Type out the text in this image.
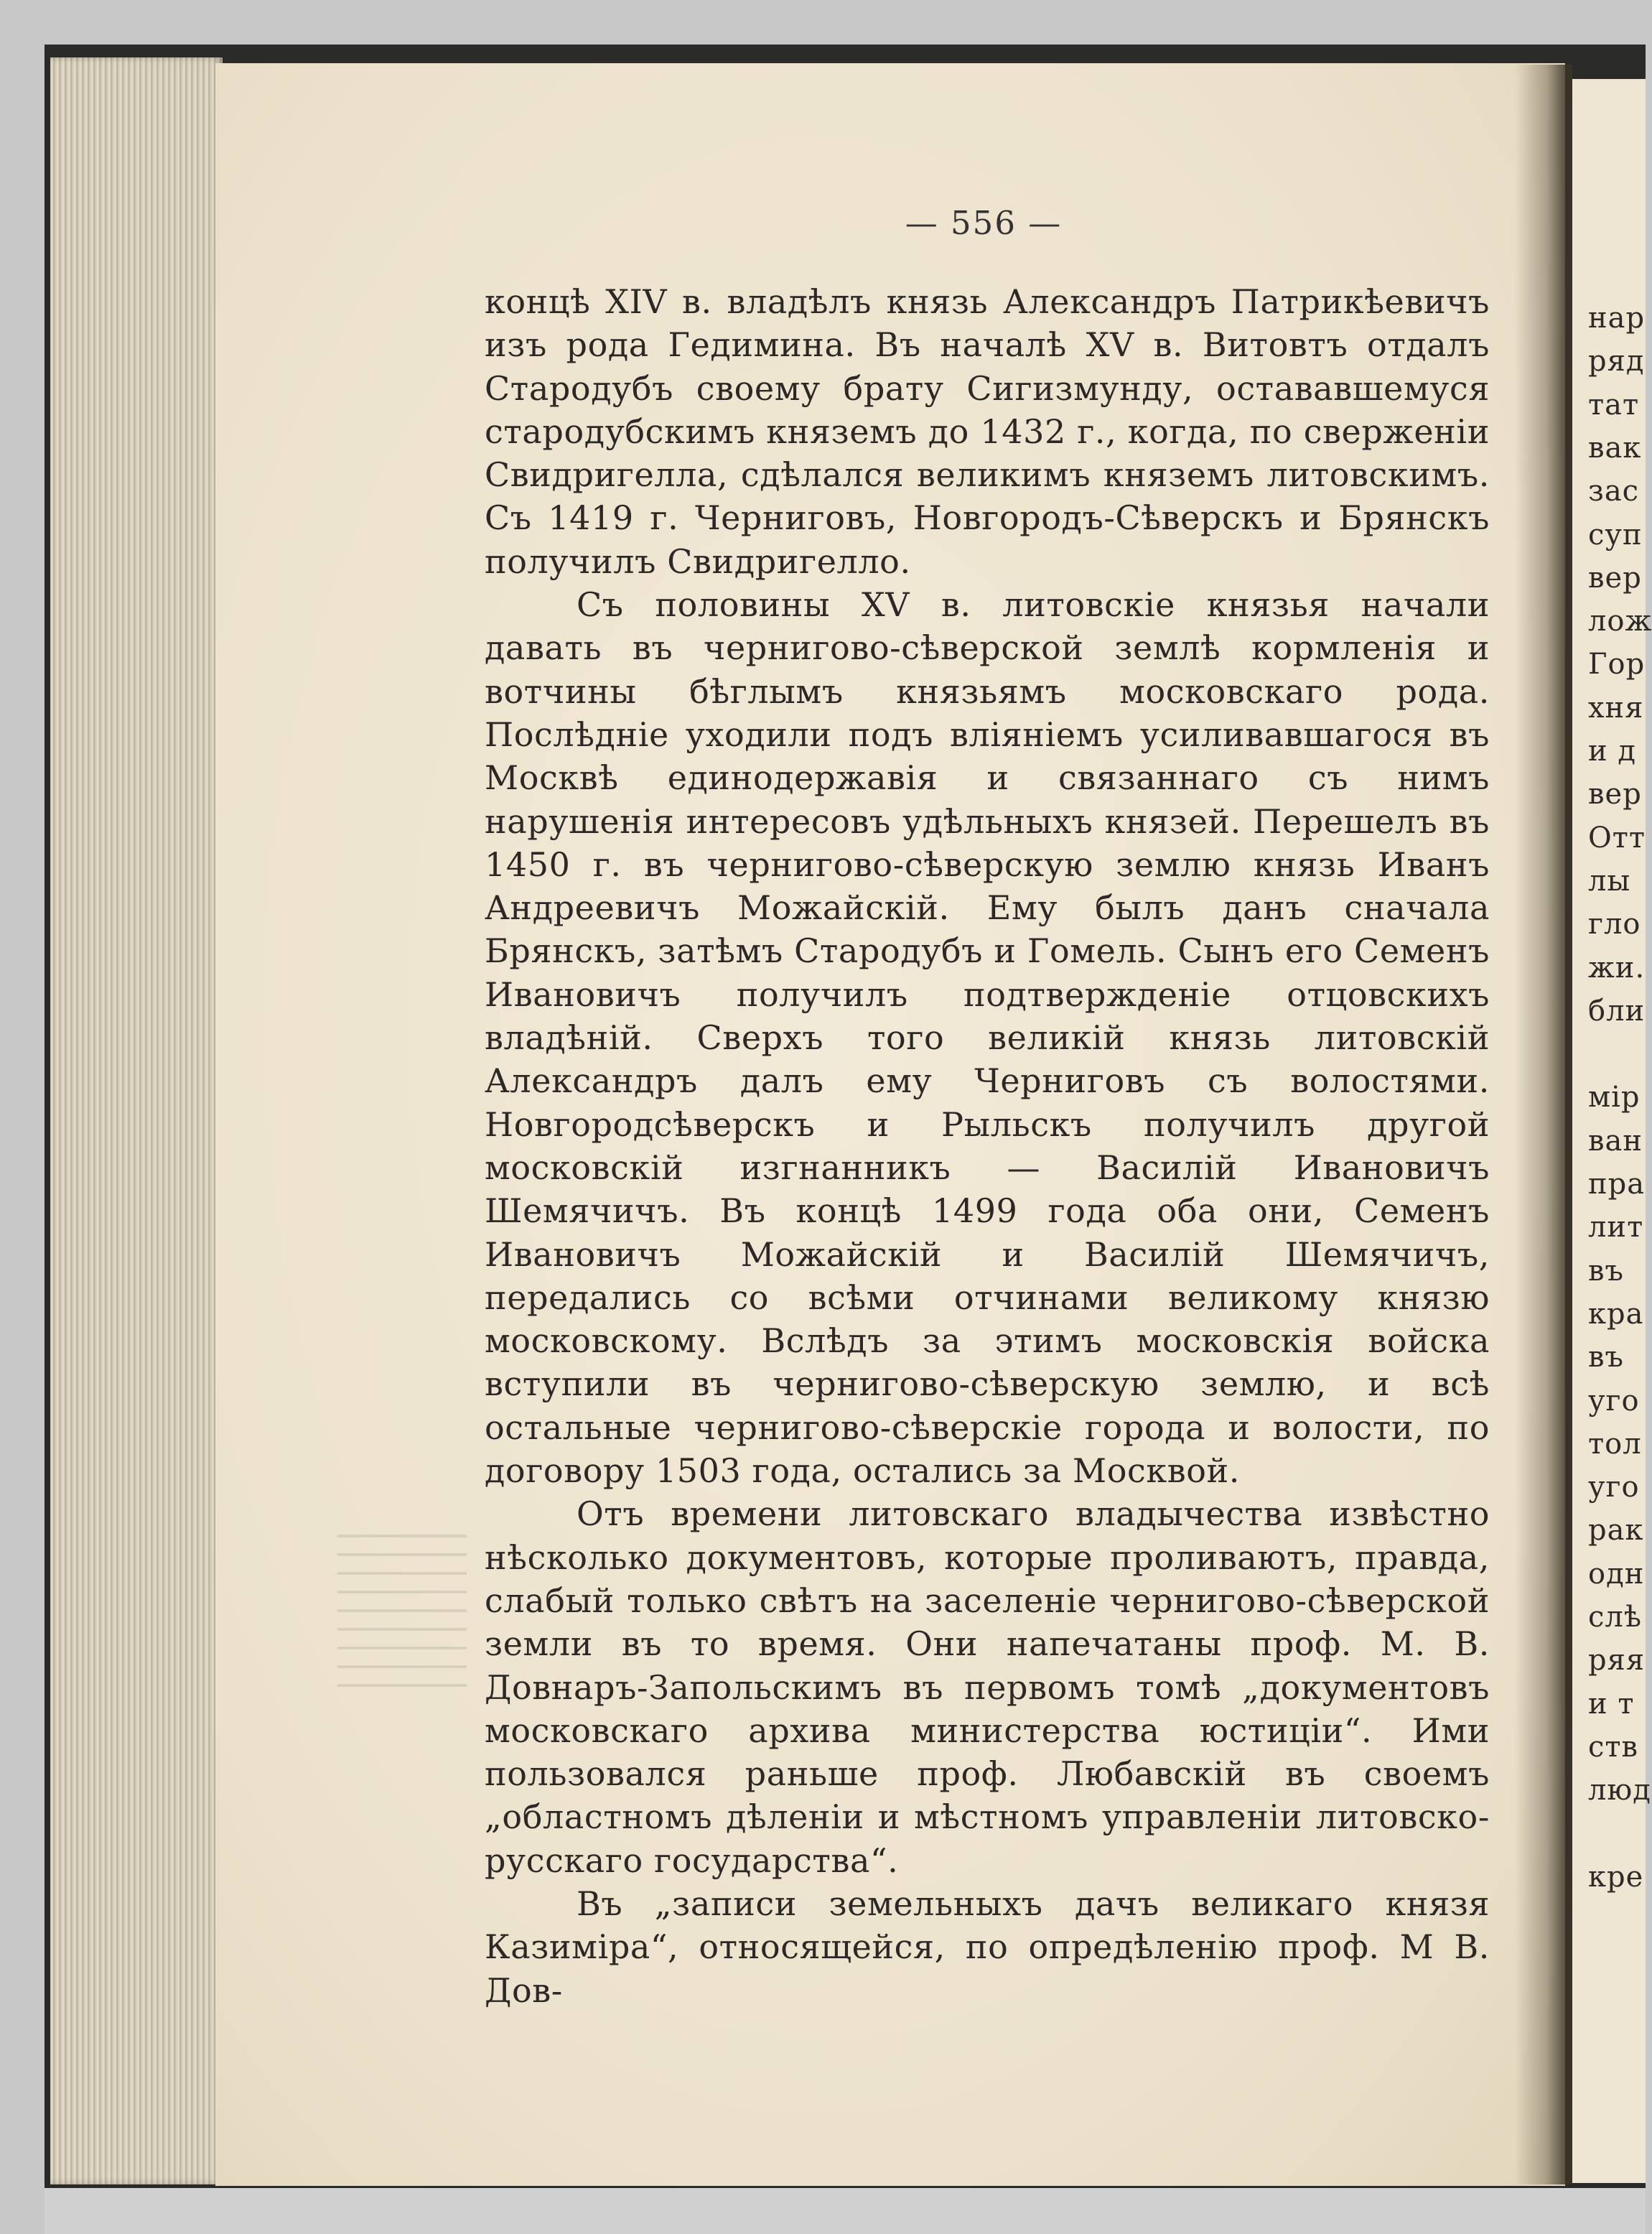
нар
ряд
тат
вак
зас
суп
вер
лож
Гор
хня
и д
вер
Отт
лы
гло
жи.
бли
мір
ван
пра
лит
въ
кра
въ
уго
тол
уго
рак
одн
слѣ
ряя
и т
ств
люд
кре
— 556 —

концѣ XIV в. владѣлъ князь Александръ Патрикѣевичъ изъ рода Гедимина. Въ началѣ XV в. Витовтъ отдалъ Стародубъ своему брату Сигизмунду, остававшемуся стародубскимъ княземъ до 1432 г., когда, по сверженіи Свидригелла, сдѣлался великимъ княземъ литовскимъ. Съ 1419 г. Черниговъ, Новгородъ-Сѣверскъ и Брянскъ получилъ Свидригелло.

Съ половины XV в. литовскіе князья начали давать въ черниговo-сѣверской землѣ кормленія и вотчины бѣглымъ князьямъ московскаго рода. Послѣдніе уходили подъ вліяніемъ усиливавшагося въ Москвѣ единодержавія и связаннаго съ нимъ нарушенія интересовъ удѣльныхъ князей. Перешелъ въ 1450 г. въ черниговo-сѣверскую землю князь Иванъ Андреевичъ Можайскій. Ему былъ данъ сначала Брянскъ, затѣмъ Стародубъ и Гомель. Сынъ его Семенъ Ивановичъ получилъ подтвержденіе отцовскихъ владѣній. Сверхъ того великій князь литовскій Александръ далъ ему Черниговъ съ волостями. Новгородсѣверскъ и Рыльскъ получилъ другой московскій изгнанникъ — Василій Ивановичъ Шемячичъ. Въ концѣ 1499 года оба они, Семенъ Ивановичъ Можайскій и Василій Шемячичъ, передались со всѣми отчинами великому князю московскому. Вслѣдъ за этимъ московскія войска вступили въ черниговo-сѣверскую землю, и всѣ остальные черниговo-сѣверскіе города и волости, по договору 1503 года, остались за Москвой.

Отъ времени литовскаго владычества извѣстно нѣсколько документовъ, которые проливаютъ, правда, слабый только свѣтъ на заселеніе черниговo-сѣверской земли въ то время. Они напечатаны проф. М. В. Довнаръ-Запольскимъ въ первомъ томѣ „документовъ московскаго архива министерства юстиціи“. Ими пользовался раньше проф. Любавскій въ своемъ „областномъ дѣленіи и мѣстномъ управленіи литовско-русскаго государства“.

Въ „записи земельныхъ дачъ великаго князя Казиміра“, относящейся, по опредѣленію проф. М В. Дов-
